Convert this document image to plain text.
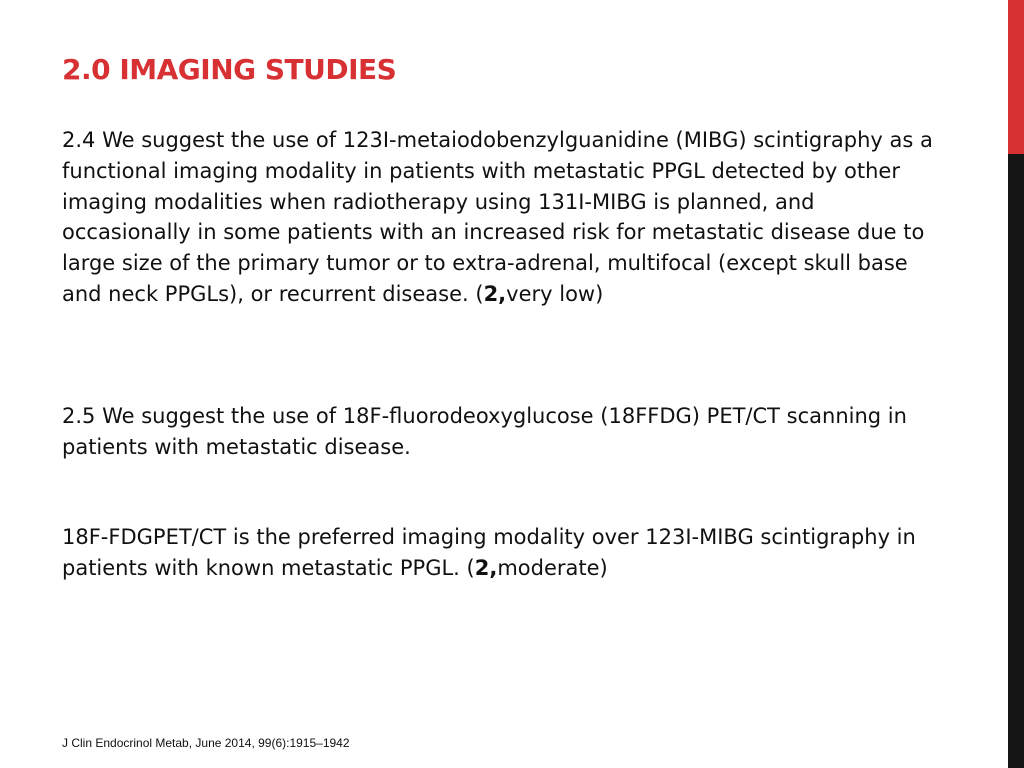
2.0 IMAGING STUDIES

2.4 We suggest the use of 123I-metaiodobenzylguanidine (MIBG) scintigraphy as a functional imaging modality in patients with metastatic PPGL detected by other imaging modalities when radiotherapy using 131I-MIBG is planned, and occasionally in some patients with an increased risk for metastatic disease due to large size of the primary tumor or to extra-adrenal, multifocal (except skull base and neck PPGLs), or recurrent disease. (2,very low)

2.5 We suggest the use of 18F-fluorodeoxyglucose (18FFDG) PET/CT scanning in patients with metastatic disease.

18F-FDGPET/CT is the preferred imaging modality over 123I-MIBG scintigraphy in patients with known metastatic PPGL. (2,moderate)

J Clin Endocrinol Metab, June 2014, 99(6):1915–1942
